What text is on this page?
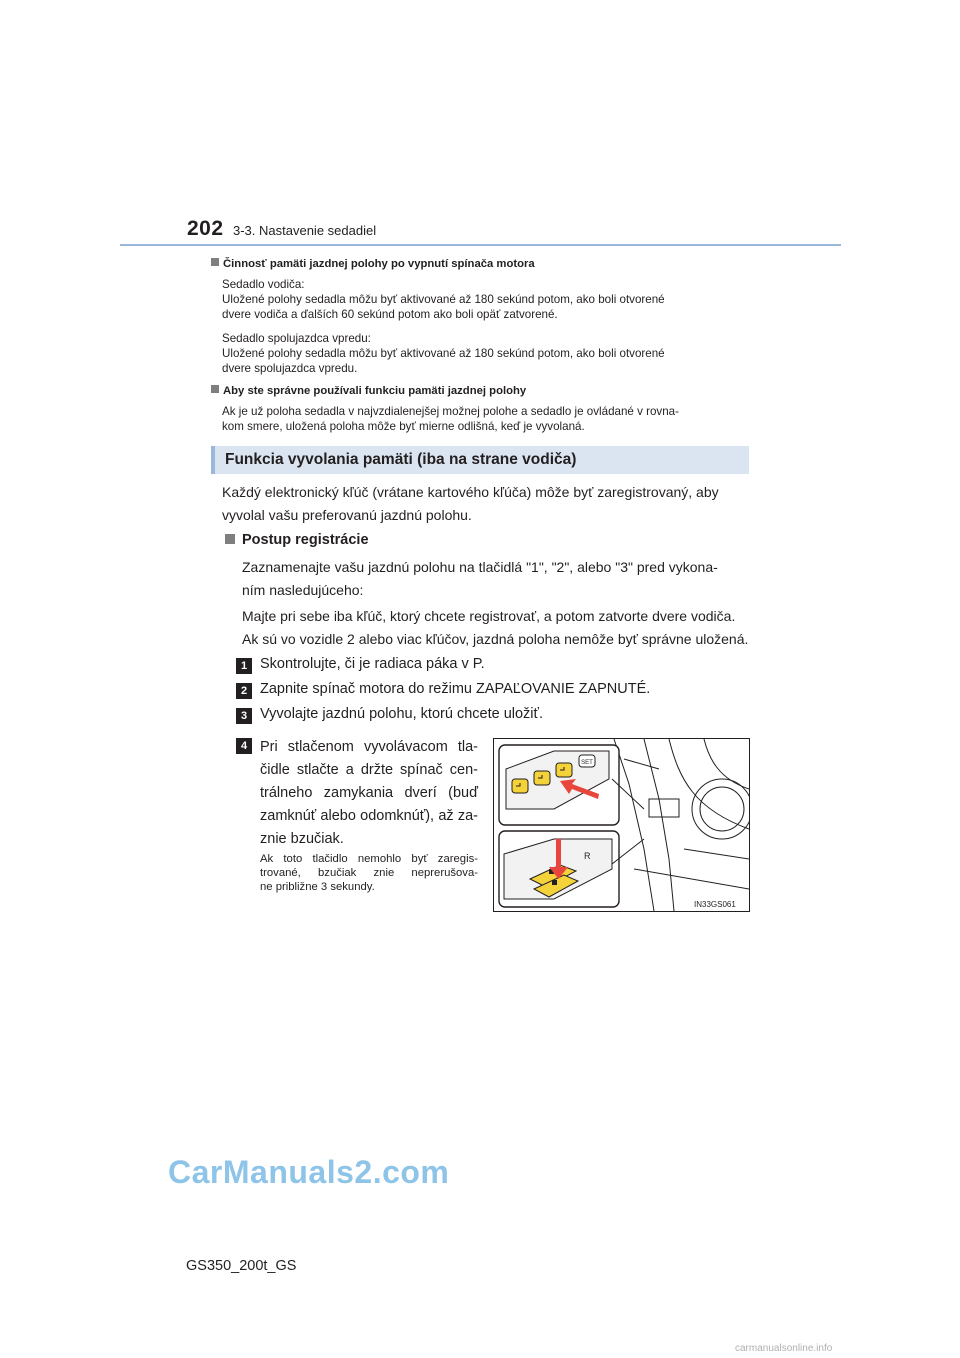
202 3-3. Nastavenie sedadiel
Činnosť pamäti jazdnej polohy po vypnutí spínača motora
Sedadlo vodiča:
Uložené polohy sedadla môžu byť aktivované až 180 sekúnd potom, ako boli otvorené
dvere vodiča a ďalších 60 sekúnd potom ako boli opäť zatvorené.
Sedadlo spolujazdca vpredu:
Uložené polohy sedadla môžu byť aktivované až 180 sekúnd potom, ako boli otvorené
dvere spolujazdca vpredu.
Aby ste správne používali funkciu pamäti jazdnej polohy
Ak je už poloha sedadla v najvzdialenejšej možnej polohe a sedadlo je ovládané v rovna-
kom smere, uložená poloha môže byť mierne odlišná, keď je vyvolaná.
Funkcia vyvolania pamäti (iba na strane vodiča)
Každý elektronický kľúč (vrátane kartového kľúča) môže byť zaregistrovaný, aby
vyvolal vašu preferovanú jazdnú polohu.
Postup registrácie
Zaznamenajte vašu jazdnú polohu na tlačidlá "1", "2", alebo "3" pred vykona-
ním nasledujúceho:
Majte pri sebe iba kľúč, ktorý chcete registrovať, a potom zatvorte dvere vodiča.
Ak sú vo vozidle 2 alebo viac kľúčov, jazdná poloha nemôže byť správne uložená.
1 Skontrolujte, či je radiaca páka v P.
2 Zapnite spínač motora do režimu ZAPAĽOVANIE ZAPNUTÉ.
3 Vyvolajte jazdnú polohu, ktorú chcete uložiť.
4 Pri stlačenom vyvolávacom tla-
čidle stlačte a držte spínač cen-
trálneho zamykania dverí (buď
zamknúť alebo odomknúť), až za-
znie bzučiak.
Ak toto tlačidlo nemohlo byť zaregis-
trované, bzučiak znie neprerušova-
ne približne 3 sekundy.
SET
R
IN33GS061
CarManuals2.com
GS350_200t_GS
carmanualsonline.info
